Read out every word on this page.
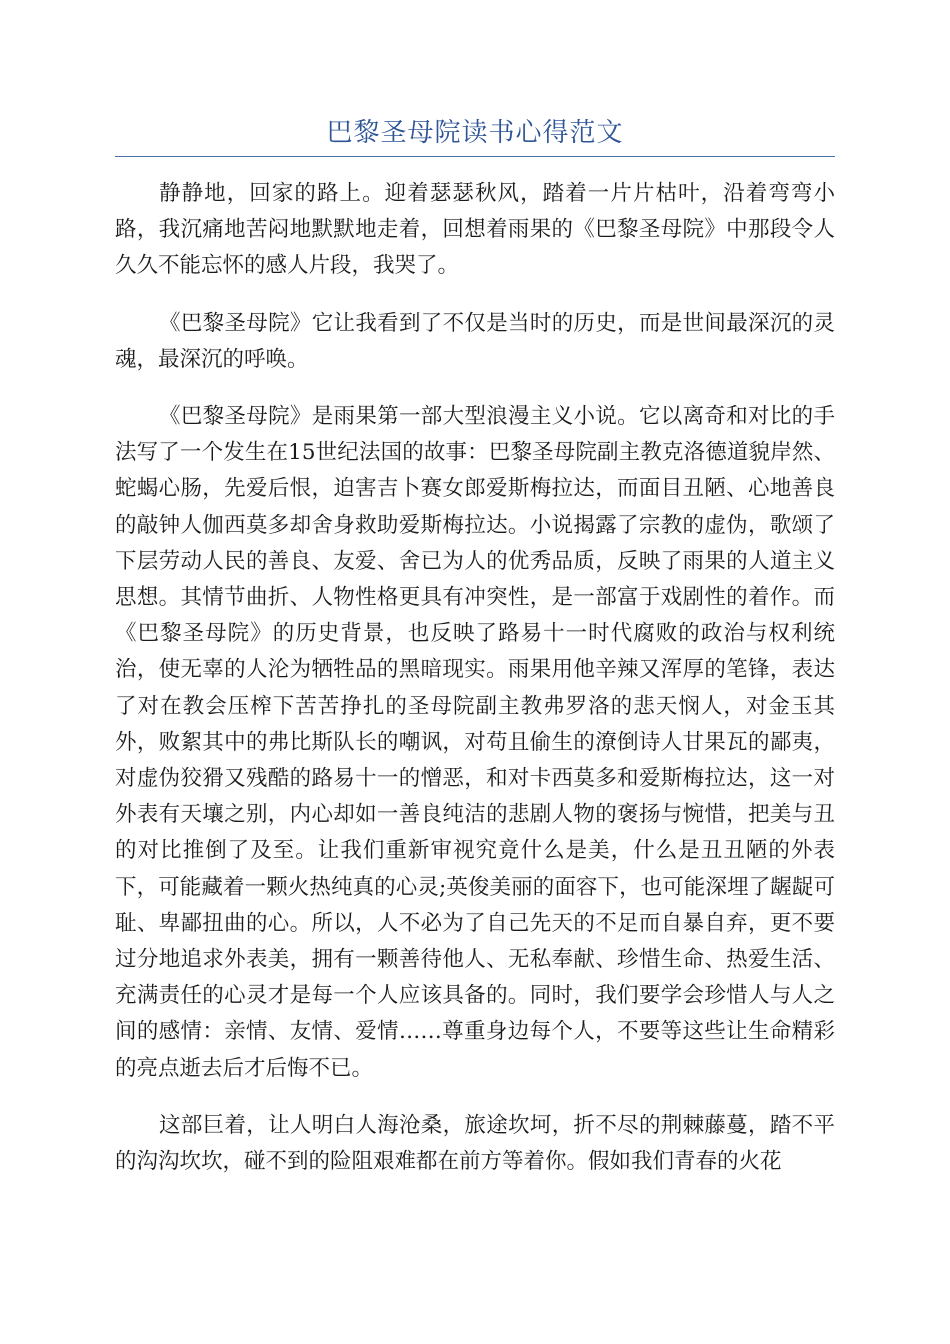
巴黎圣母院读书心得范文

静静地，回家的路上。迎着瑟瑟秋风，踏着一片片枯叶，沿着弯弯小路，我沉痛地苦闷地默默地走着，回想着雨果的《巴黎圣母院》中那段令人久久不能忘怀的感人片段，我哭了。

《巴黎圣母院》它让我看到了不仅是当时的历史，而是世间最深沉的灵魂，最深沉的呼唤。

《巴黎圣母院》是雨果第一部大型浪漫主义小说。它以离奇和对比的手法写了一个发生在15世纪法国的故事：巴黎圣母院副主教克洛德道貌岸然、蛇蝎心肠，先爱后恨，迫害吉卜赛女郎爱斯梅拉达，而面目丑陋、心地善良的敲钟人伽西莫多却舍身救助爱斯梅拉达。小说揭露了宗教的虚伪，歌颂了下层劳动人民的善良、友爱、舍已为人的优秀品质，反映了雨果的人道主义思想。其情节曲折、人物性格更具有冲突性，是一部富于戏剧性的着作。而《巴黎圣母院》的历史背景，也反映了路易十一时代腐败的政治与权利统治，使无辜的人沦为牺牲品的黑暗现实。雨果用他辛辣又浑厚的笔锋，表达了对在教会压榨下苦苦挣扎的圣母院副主教弗罗洛的悲天悯人，对金玉其外，败絮其中的弗比斯队长的嘲讽，对苟且偷生的潦倒诗人甘果瓦的鄙夷，对虚伪狡猾又残酷的路易十一的憎恶，和对卡西莫多和爱斯梅拉达，这一对外表有天壤之别，内心却如一善良纯洁的悲剧人物的褒扬与惋惜，把美与丑的对比推倒了及至。让我们重新审视究竟什么是美，什么是丑丑陋的外表下，可能藏着一颗火热纯真的心灵;英俊美丽的面容下，也可能深埋了龌龊可耻、卑鄙扭曲的心。所以，人不必为了自己先天的不足而自暴自弃，更不要过分地追求外表美，拥有一颗善待他人、无私奉献、珍惜生命、热爱生活、充满责任的心灵才是每一个人应该具备的。同时，我们要学会珍惜人与人之间的感情：亲情、友情、爱情……尊重身边每个人，不要等这些让生命精彩的亮点逝去后才后悔不已。

这部巨着，让人明白人海沧桑，旅途坎坷，折不尽的荆棘藤蔓，踏不平的沟沟坎坎，碰不到的险阻艰难都在前方等着你。假如我们青春的火花
